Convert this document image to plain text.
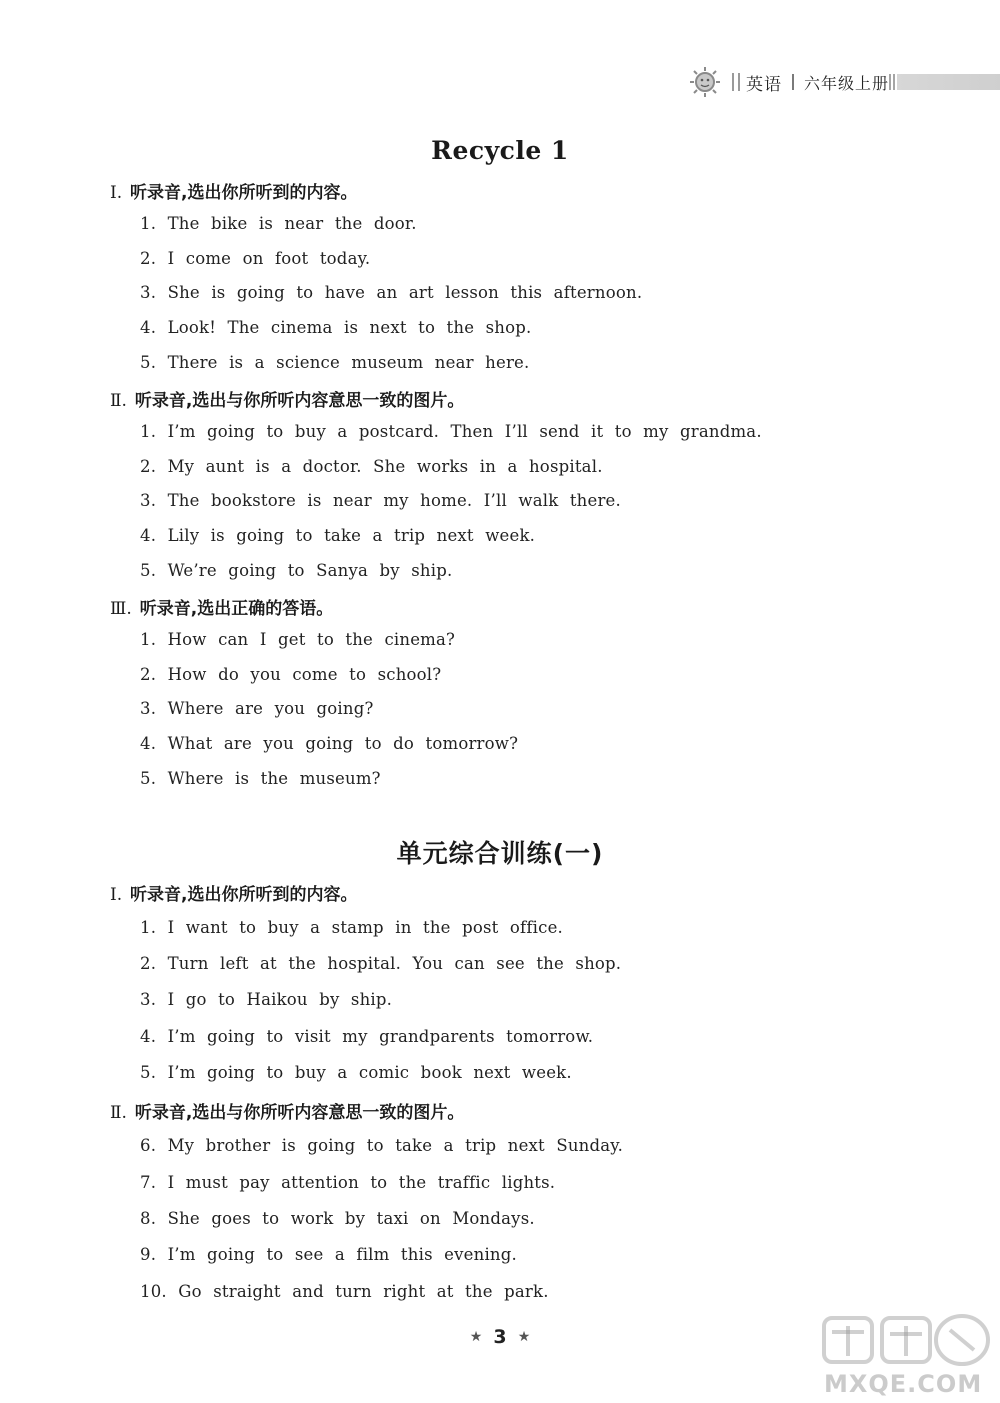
英语 六年级上册
Recycle 1
Ⅰ. 听录音,选出你所听到的内容。
1. The bike is near the door.
2. I come on foot today.
3. She is going to have an art lesson this afternoon.
4. Look! The cinema is next to the shop.
5. There is a science museum near here.
Ⅱ. 听录音,选出与你所听内容意思一致的图片。
1. I’m going to buy a postcard. Then I’ll send it to my grandma.
2. My aunt is a doctor. She works in a hospital.
3. The bookstore is near my home. I’ll walk there.
4. Lily is going to take a trip next week.
5. We’re going to Sanya by ship.
Ⅲ. 听录音,选出正确的答语。
1. How can I get to the cinema?
2. How do you come to school?
3. Where are you going?
4. What are you going to do tomorrow?
5. Where is the museum?
单元综合训练(一)
Ⅰ. 听录音,选出你所听到的内容。
1. I want to buy a stamp in the post office.
2. Turn left at the hospital. You can see the shop.
3. I go to Haikou by ship.
4. I’m going to visit my grandparents tomorrow.
5. I’m going to buy a comic book next week.
Ⅱ. 听录音,选出与你所听内容意思一致的图片。
6. My brother is going to take a trip next Sunday.
7. I must pay attention to the traffic lights.
8. She goes to work by taxi on Mondays.
9. I’m going to see a film this evening.
10. Go straight and turn right at the park.
★ 3 ★
MXQE.COM
